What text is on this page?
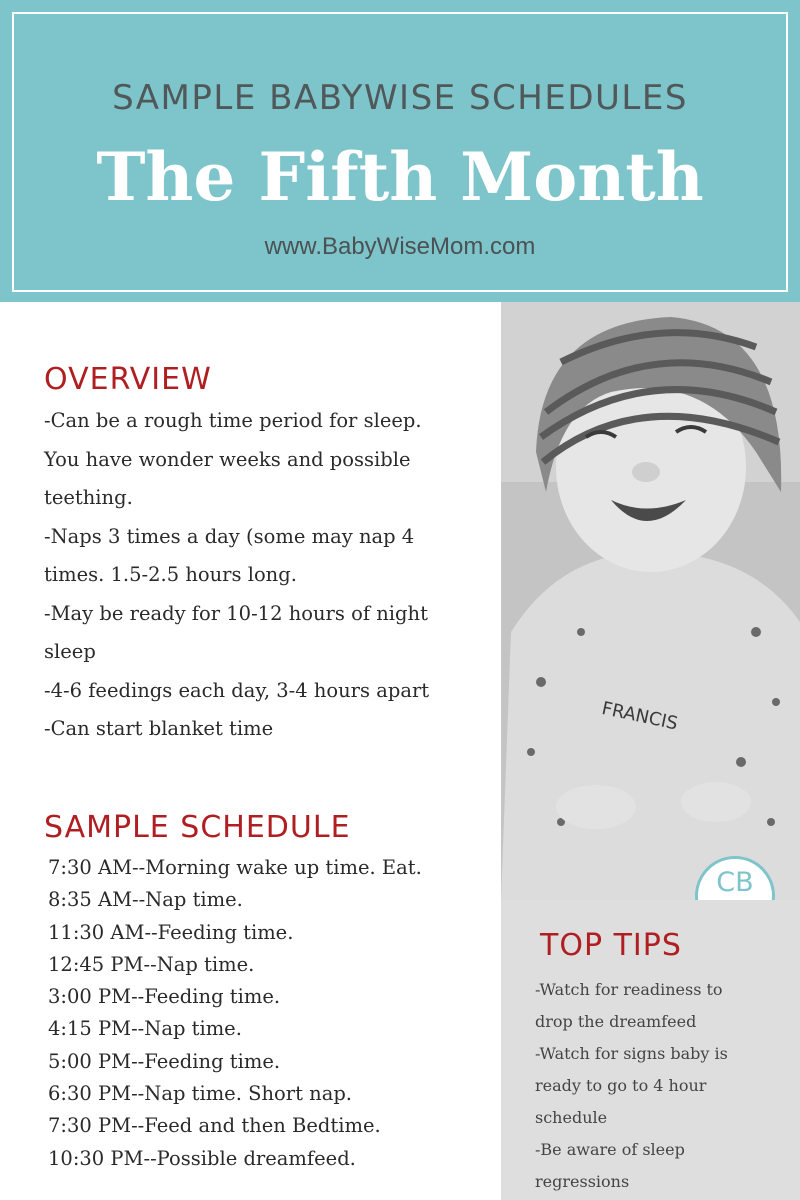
SAMPLE BABYWISE SCHEDULES
The Fifth Month
www.BabyWiseMom.com
OVERVIEW
-Can be a rough time period for sleep.
You have wonder weeks and possible
teething.
-Naps 3 times a day (some may nap 4
times. 1.5-2.5 hours long.
-May be ready for 10-12 hours of night
sleep
-4-6 feedings each day, 3-4 hours apart
-Can start blanket time
SAMPLE SCHEDULE
7:30 AM--Morning wake up time. Eat.
8:35 AM--Nap time.
11:30 AM--Feeding time.
12:45 PM--Nap time.
3:00 PM--Feeding time.
4:15 PM--Nap time.
5:00 PM--Feeding time.
6:30 PM--Nap time. Short nap.
7:30 PM--Feed and then Bedtime.
10:30 PM--Possible dreamfeed.
FRANCIS
CB
TOP TIPS
-Watch for readiness to
drop the dreamfeed
-Watch for signs baby is
ready to go to 4 hour
schedule
-Be aware of sleep
regressions
